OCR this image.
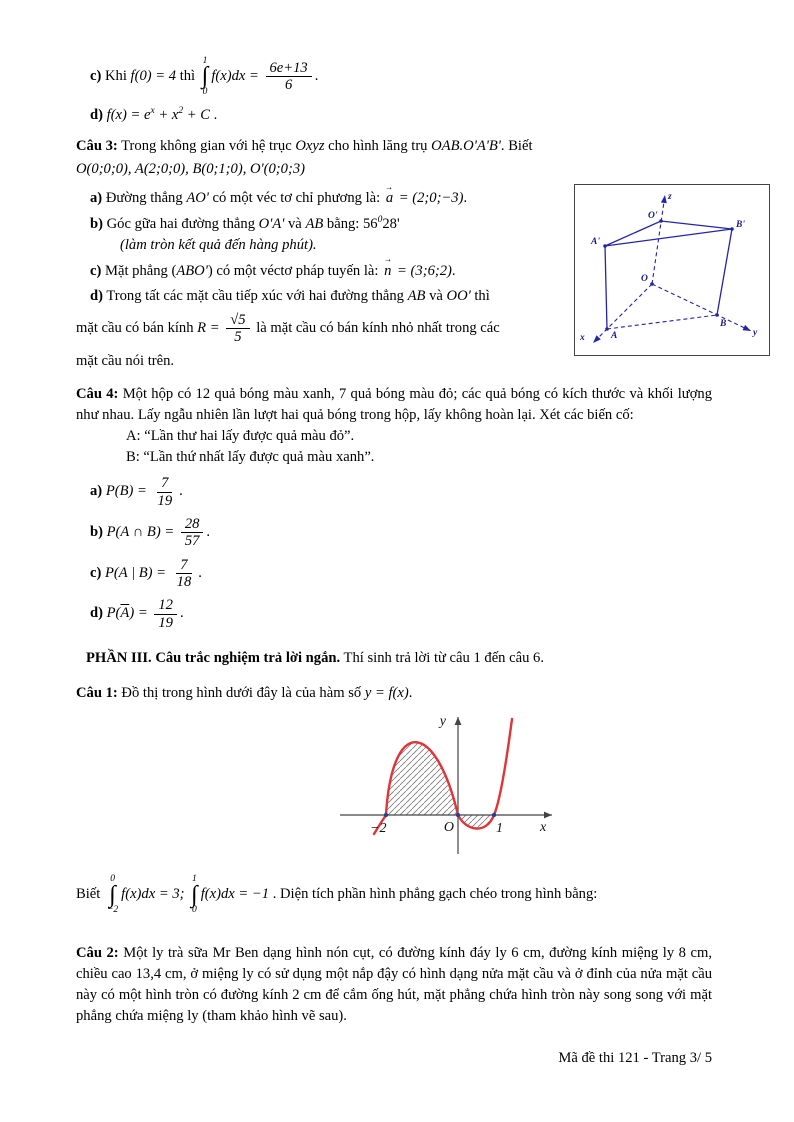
c) Khi f(0) = 4 thì
1
∫
0
$f(x)dx = \frac{6e+13}{6}$ .
d) $f(x) = e^x + x^2 + C$ .
Câu 3: Trong không gian với hệ trục Oxyz cho hình lăng trụ OAB.O'A'B'. Biết
O(0;0;0), A(2;0;0), B(0;1;0), O'(0;0;3)
a) Đường thẳng AO' có một véc tơ chỉ phương là: → a = (2;0;−3).
b) Góc gữa hai đường thẳng O'A' và AB bằng: $56^028'$
(làm tròn kết quả đến hàng phút).
c) Mặt phẳng (ABO') có một véctơ pháp tuyến là: → n = (3;6;2).
d) Trong tất các mặt cầu tiếp xúc với hai đường thẳng AB và OO' thì
mặt cầu có bán kính $R = \frac{√5}{5}$ là mặt cầu có bán kính nhỏ nhất trong các
mặt cầu nói trên.
z
O'
B'
A'
O
A
B
x	y
Câu 4: Một hộp có 12 quả bóng màu xanh, 7 quả bóng màu đỏ; các quả bóng có kích thước và khối lượng như nhau. Lấy ngẫu nhiên lần lượt hai quả bóng trong hộp, lấy không hoàn lại. Xét các biến cố:
A: “Lần thư hai lấy được quả màu đỏ”.
B: “Lần thứ nhất lấy được quả màu xanh”.
a) $P(B) = \frac{7}{19}$ .
b) P(A ∩ $B) = \frac{28}{57}$ .
c) P(A | $B) = \frac{7}{18}$ .
d) $P(\overline{A}) = \frac{12}{19}$ .
PHẦN III. Câu trắc nghiệm trả lời ngắn. Thí sinh trả lời từ câu 1 đến câu 6.
Câu 1: Đồ thị trong hình dưới đây là của hàm số y = f(x).
y
x
O
−2	1
Biết
0
∫
−2
f(x)dx = 3;
1
∫
0
f(x)dx = −1 . Diện tích phần hình phẳng gạch chéo trong hình bằng:
Câu 2: Một ly trà sữa Mr Ben dạng hình nón cụt, có đường kính đáy ly 6 cm, đường kính miệng ly 8 cm, chiều cao 13,4 cm, ở miệng ly có sử dụng một nắp đậy có hình dạng nửa mặt cầu và ở đỉnh của nửa mặt cầu này có một hình tròn có đường kính 2 cm để cắm ống hút, mặt phẳng chứa hình tròn này song song với mặt phẳng chứa miệng ly (tham khảo hình vẽ sau).
Mã đề thi 121 - Trang 3/ 5
